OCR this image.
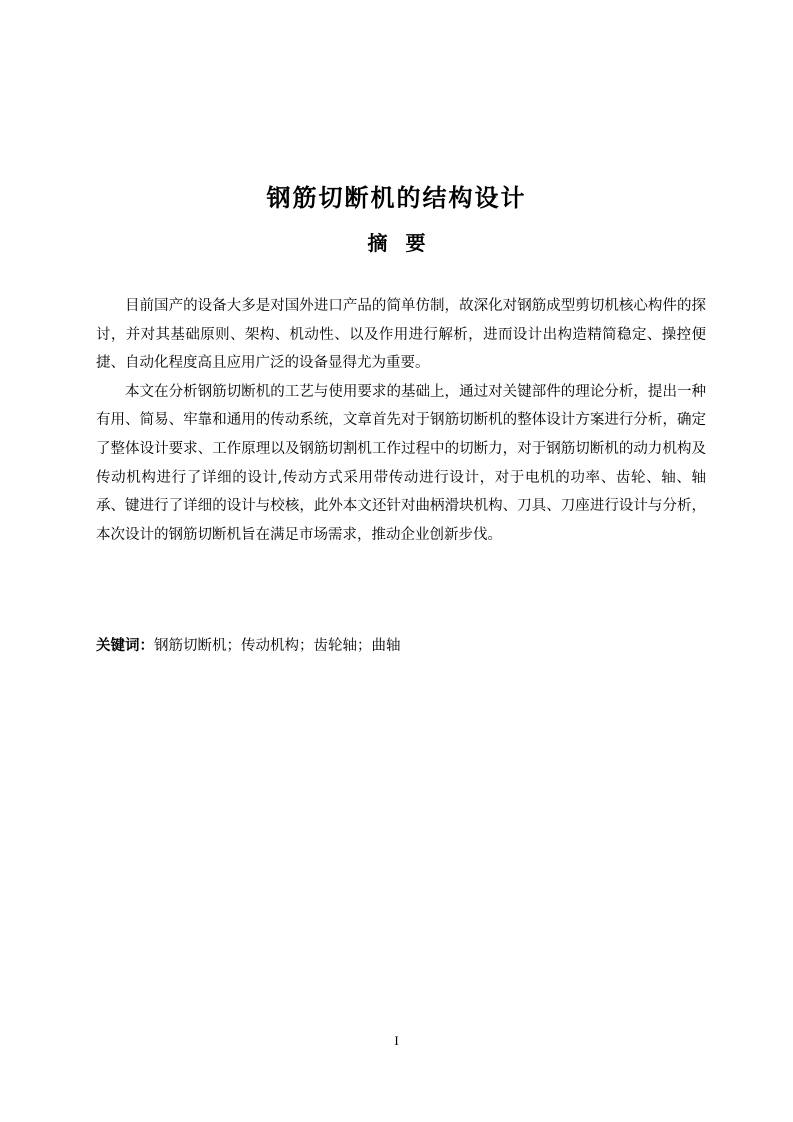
钢筋切断机的结构设计
摘要

目前国产的设备大多是对国外进口产品的简单仿制，故深化对钢筋成型剪切机核心构件的探讨，并对其基础原则、架构、机动性、以及作用进行解析，进而设计出构造精简稳定、操控便捷、自动化程度高且应用广泛的设备显得尤为重要。

本文在分析钢筋切断机的工艺与使用要求的基础上，通过对关键部件的理论分析，提出一种有用、简易、牢靠和通用的传动系统，文章首先对于钢筋切断机的整体设计方案进行分析，确定了整体设计要求、工作原理以及钢筋切割机工作过程中的切断力，对于钢筋切断机的动力机构及传动机构进行了详细的设计,传动方式采用带传动进行设计，对于电机的功率、齿轮、轴、轴承、键进行了详细的设计与校核，此外本文还针对曲柄滑块机构、刀具、刀座进行设计与分析，本次设计的钢筋切断机旨在满足市场需求，推动企业创新步伐。

关键词：钢筋切断机；传动机构；齿轮轴；曲轴

I
